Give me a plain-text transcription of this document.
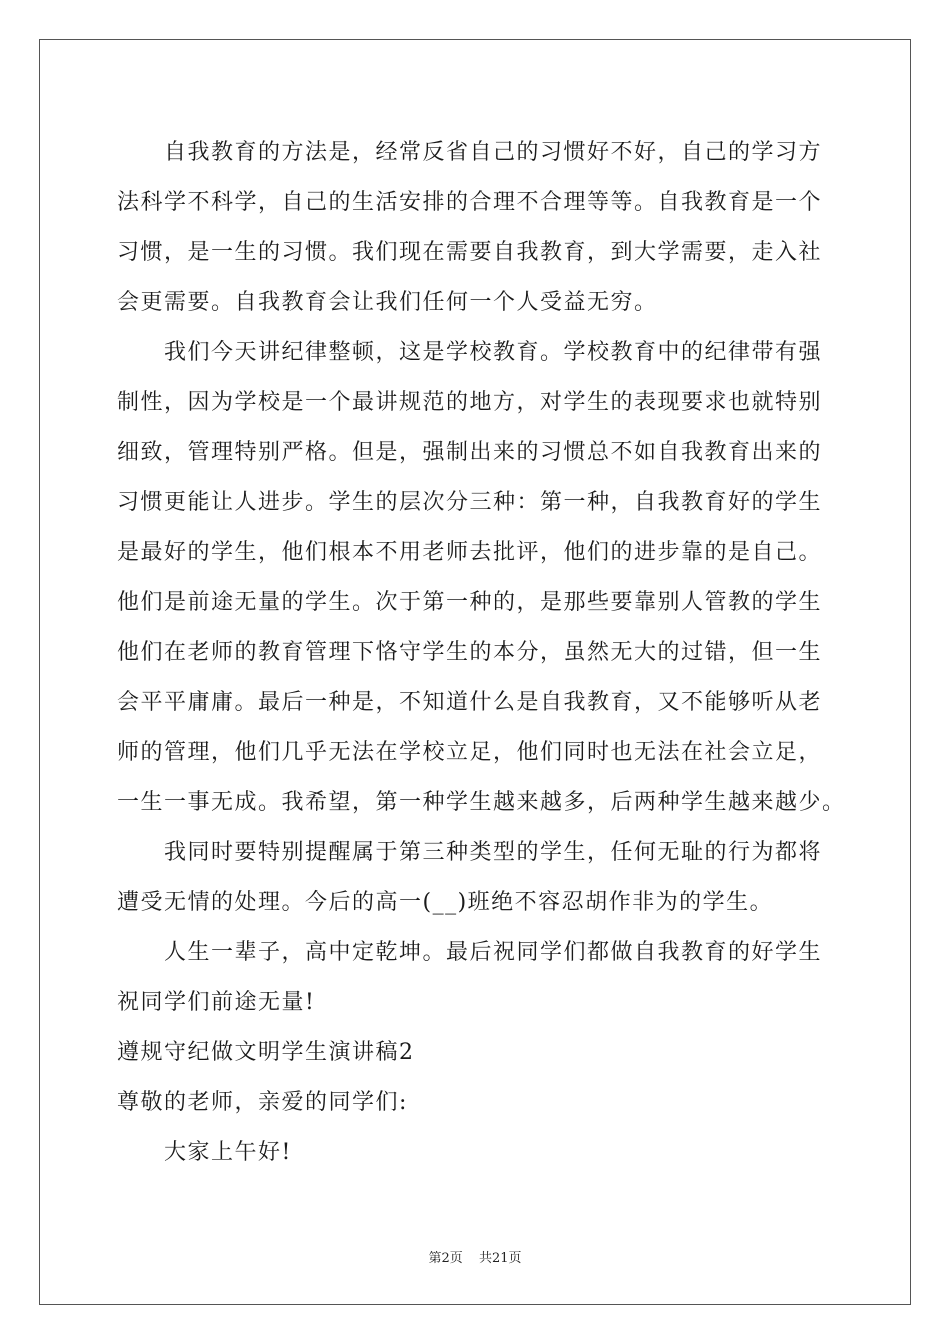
自我教育的方法是，经常反省自己的习惯好不好，自己的学习方
法科学不科学，自己的生活安排的合理不合理等等。自我教育是一个
习惯，是一生的习惯。我们现在需要自我教育，到大学需要，走入社
会更需要。自我教育会让我们任何一个人受益无穷。
我们今天讲纪律整顿，这是学校教育。学校教育中的纪律带有强
制性，因为学校是一个最讲规范的地方，对学生的表现要求也就特别
细致，管理特别严格。但是，强制出来的习惯总不如自我教育出来的
习惯更能让人进步。学生的层次分三种：第一种，自我教育好的学生
是最好的学生，他们根本不用老师去批评，他们的进步靠的是自己。
他们是前途无量的学生。次于第一种的，是那些要靠别人管教的学生
他们在老师的教育管理下恪守学生的本分，虽然无大的过错，但一生
会平平庸庸。最后一种是，不知道什么是自我教育，又不能够听从老
师的管理，他们几乎无法在学校立足，他们同时也无法在社会立足，
一生一事无成。我希望，第一种学生越来越多，后两种学生越来越少。
我同时要特别提醒属于第三种类型的学生，任何无耻的行为都将
遭受无情的处理。今后的高一(__)班绝不容忍胡作非为的学生。
人生一辈子，高中定乾坤。最后祝同学们都做自我教育的好学生
祝同学们前途无量!
遵规守纪做文明学生演讲稿2
尊敬的老师，亲爱的同学们:
大家上午好!
第2页 共21页
